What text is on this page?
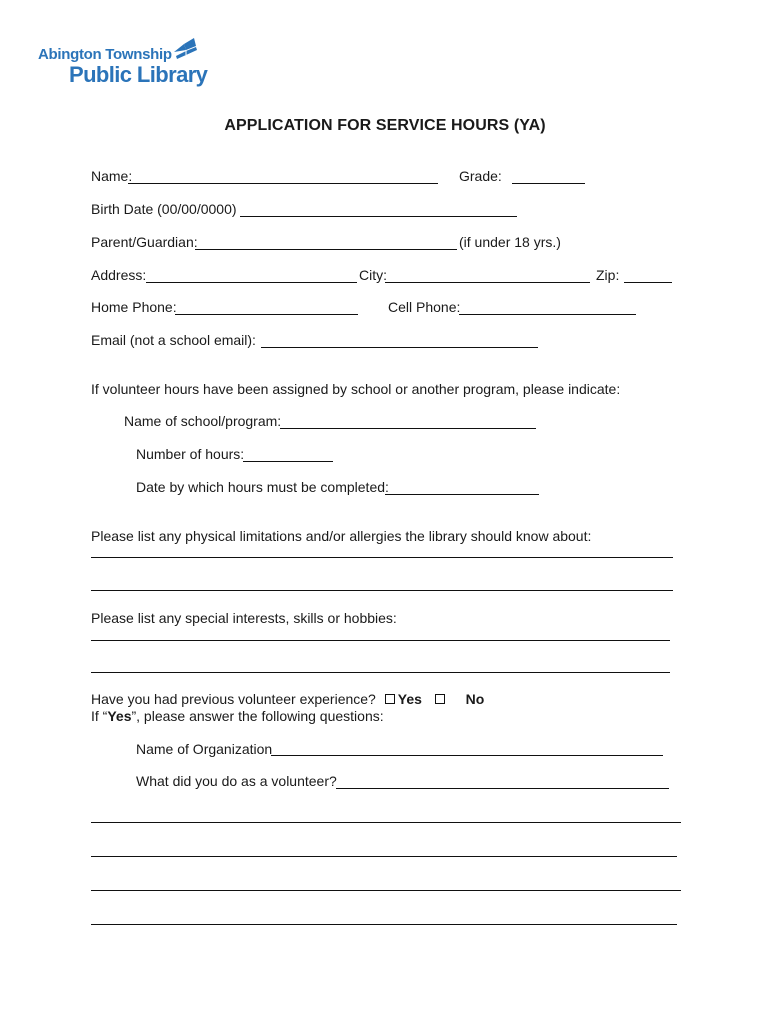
Abington Township
Public Library
APPLICATION FOR SERVICE HOURS (YA)
Name:	Grade:
Birth Date (00/00/0000)
Parent/Guardian:	(if under 18 yrs.)
Address:	City:	Zip:
Home Phone:	Cell Phone:
Email (not a school email):
If volunteer hours have been assigned by school or another program, please indicate:
Name of school/program:
Number of hours:
Date by which hours must be completed:
Please list any physical limitations and/or allergies the library should know about:
Please list any special interests, skills or hobbies:
Have you had previous volunteer experience? Yes	No
If “Yes”, please answer the following questions:
Name of Organization
What did you do as a volunteer?
